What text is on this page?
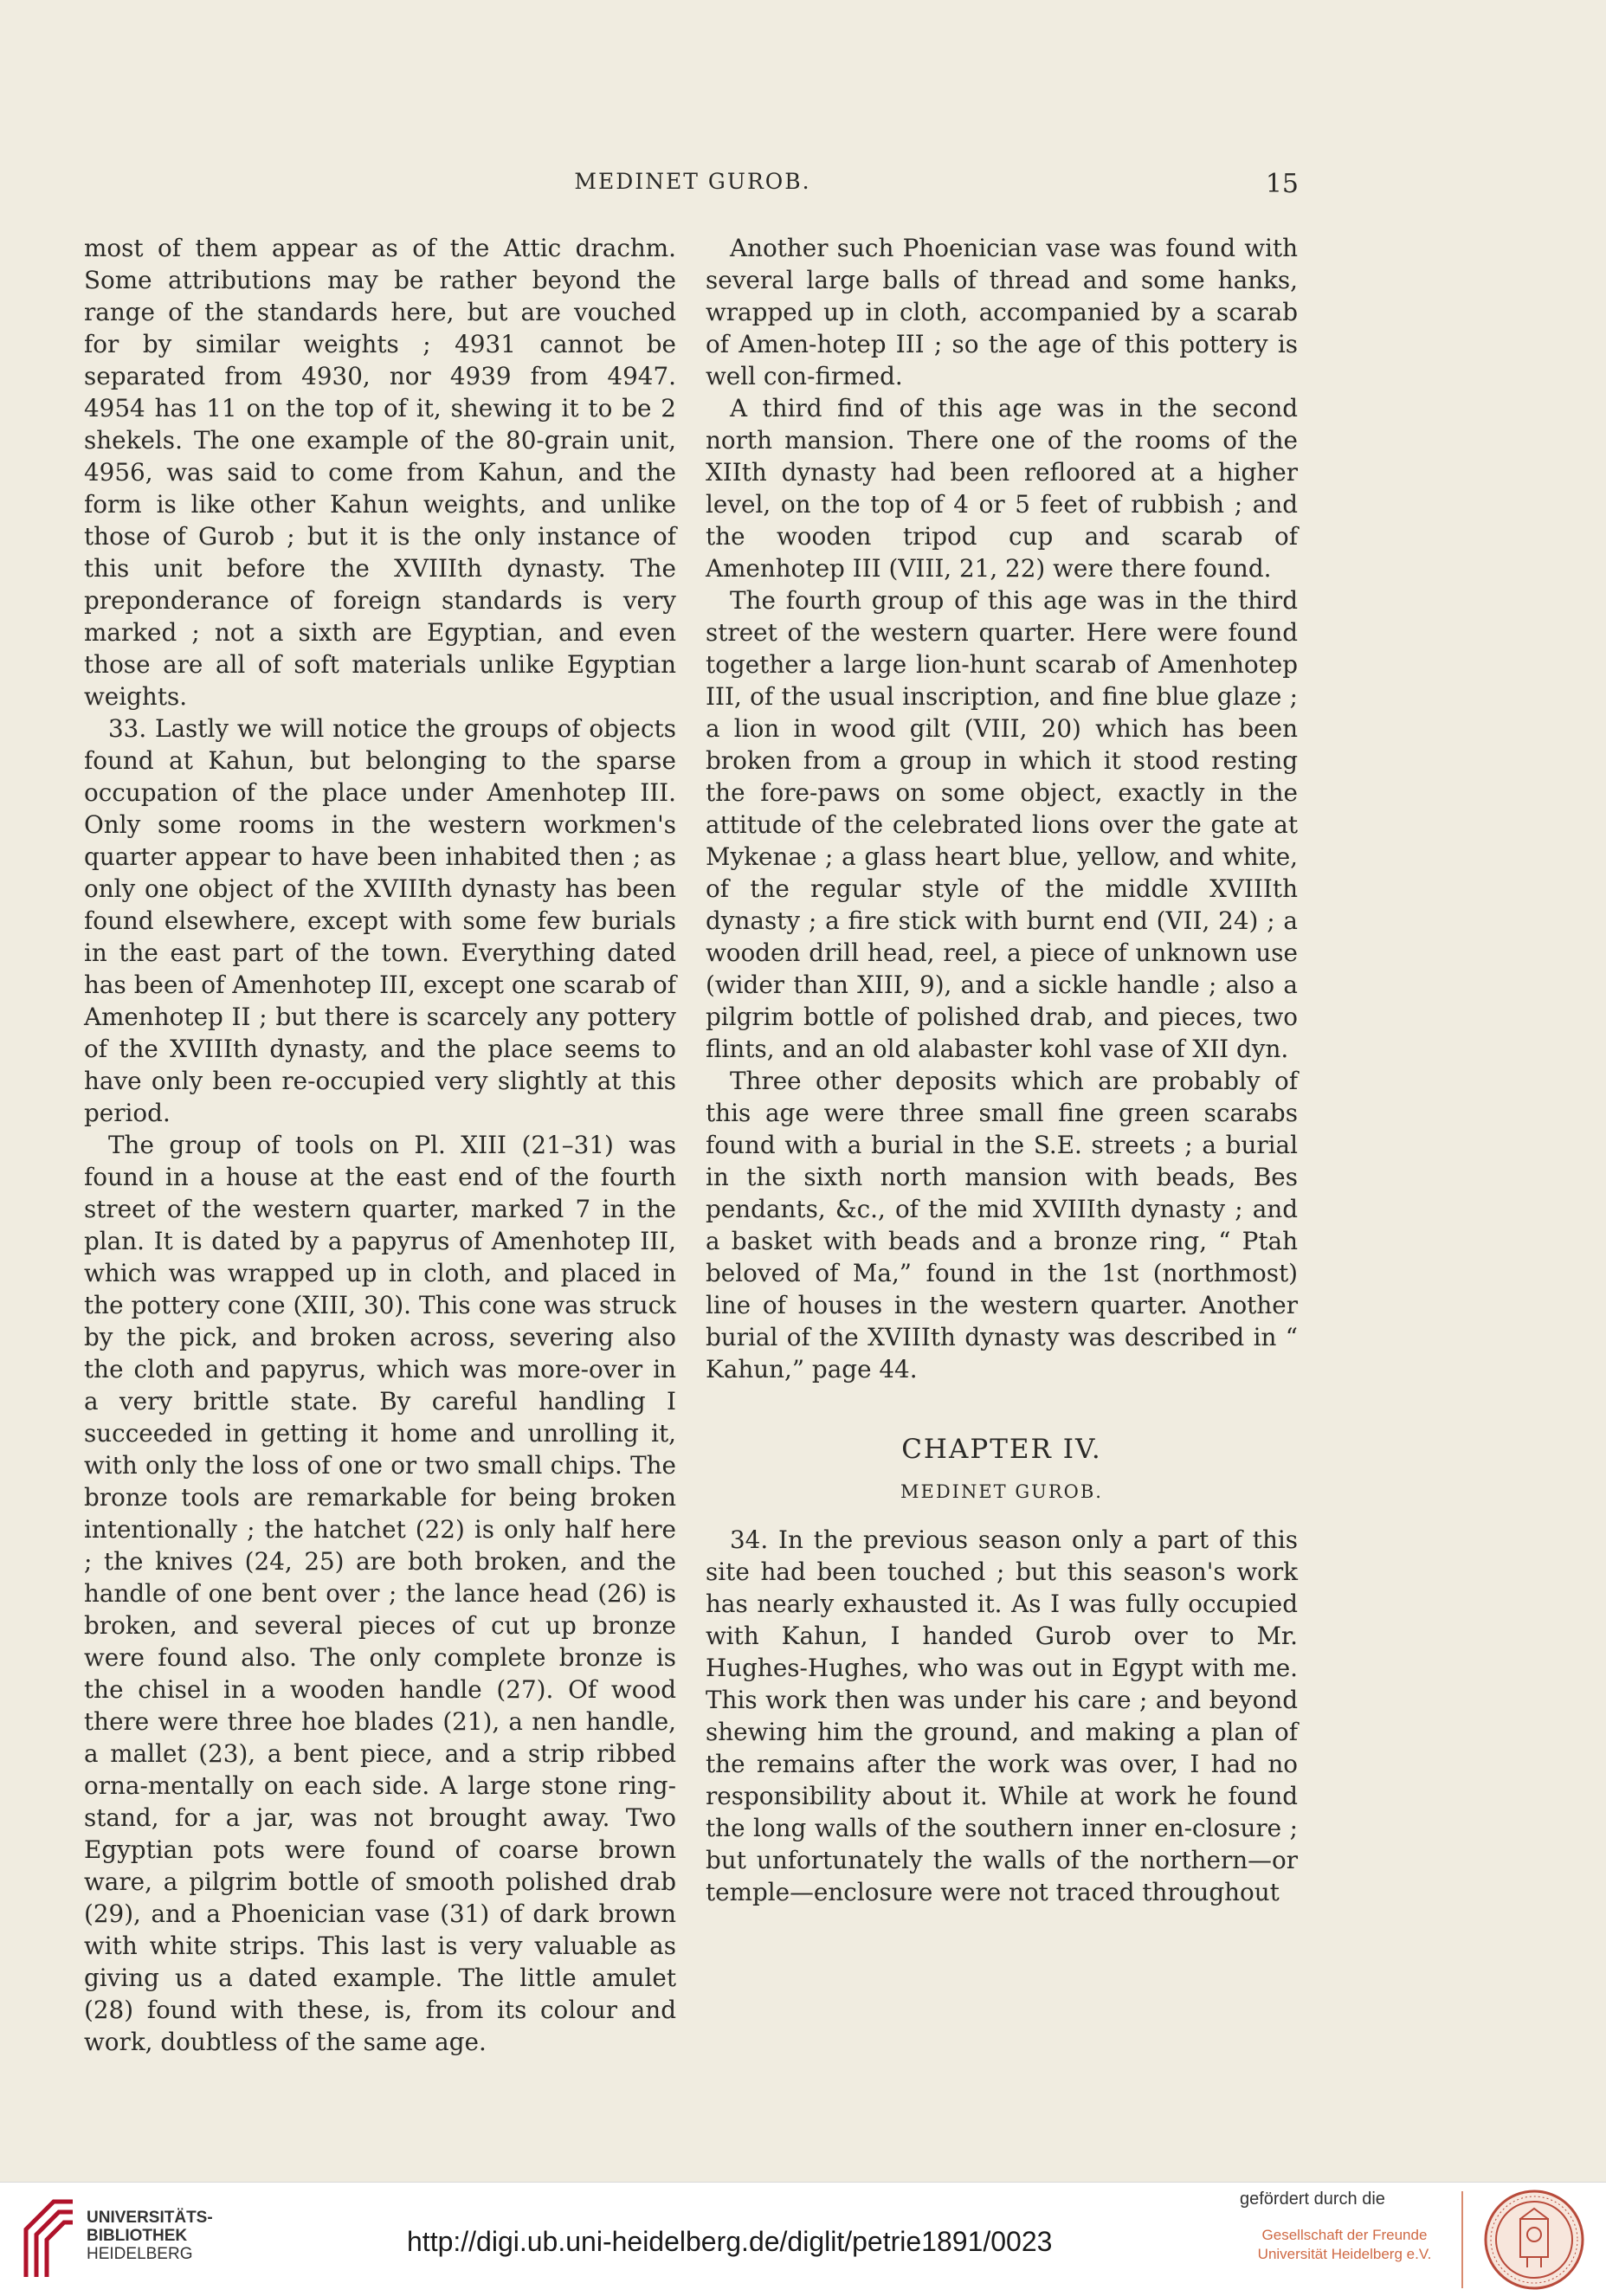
MEDINET GUROB.	15

most of them appear as of the Attic drachm. Some attributions may be rather beyond the range of the standards here, but are vouched for by similar weights ; 4931 cannot be separated from 4930, nor 4939 from 4947. 4954 has 11 on the top of it, shewing it to be 2 shekels. The one example of the 80-grain unit, 4956, was said to come from Kahun, and the form is like other Kahun weights, and unlike those of Gurob ; but it is the only instance of this unit before the XVIIIth dynasty. The preponderance of foreign standards is very marked ; not a sixth are Egyptian, and even those are all of soft materials unlike Egyptian weights.

33. Lastly we will notice the groups of objects found at Kahun, but belonging to the sparse occupation of the place under Amenhotep III. Only some rooms in the western workmen's quarter appear to have been inhabited then ; as only one object of the XVIIIth dynasty has been found elsewhere, except with some few burials in the east part of the town. Everything dated has been of Amenhotep III, except one scarab of Amenhotep II ; but there is scarcely any pottery of the XVIIIth dynasty, and the place seems to have only been re-occupied very slightly at this period.

The group of tools on Pl. XIII (21–31) was found in a house at the east end of the fourth street of the western quarter, marked 7 in the plan. It is dated by a papyrus of Amenhotep III, which was wrapped up in cloth, and placed in the pottery cone (XIII, 30). This cone was struck by the pick, and broken across, severing also the cloth and papyrus, which was more-over in a very brittle state. By careful handling I succeeded in getting it home and unrolling it, with only the loss of one or two small chips. The bronze tools are remarkable for being broken intentionally ; the hatchet (22) is only half here ; the knives (24, 25) are both broken, and the handle of one bent over ; the lance head (26) is broken, and several pieces of cut up bronze were found also. The only complete bronze is the chisel in a wooden handle (27). Of wood there were three hoe blades (21), a nen handle, a mallet (23), a bent piece, and a strip ribbed orna-mentally on each side. A large stone ring-stand, for a jar, was not brought away. Two Egyptian pots were found of coarse brown ware, a pilgrim bottle of smooth polished drab (29), and a Phoenician vase (31) of dark brown with white strips. This last is very valuable as giving us a dated example. The little amulet (28) found with these, is, from its colour and work, doubtless of the same age.

Another such Phoenician vase was found with several large balls of thread and some hanks, wrapped up in cloth, accompanied by a scarab of Amen-hotep III ; so the age of this pottery is well con-firmed.

A third find of this age was in the second north mansion. There one of the rooms of the XIIth dynasty had been refloored at a higher level, on the top of 4 or 5 feet of rubbish ; and the wooden tripod cup and scarab of Amenhotep III (VIII, 21, 22) were there found.

The fourth group of this age was in the third street of the western quarter. Here were found together a large lion-hunt scarab of Amenhotep III, of the usual inscription, and fine blue glaze ; a lion in wood gilt (VIII, 20) which has been broken from a group in which it stood resting the fore-paws on some object, exactly in the attitude of the celebrated lions over the gate at Mykenae ; a glass heart blue, yellow, and white, of the regular style of the middle XVIIIth dynasty ; a fire stick with burnt end (VII, 24) ; a wooden drill head, reel, a piece of unknown use (wider than XIII, 9), and a sickle handle ; also a pilgrim bottle of polished drab, and pieces, two flints, and an old alabaster kohl vase of XII dyn.

Three other deposits which are probably of this age were three small fine green scarabs found with a burial in the S.E. streets ; a burial in the sixth north mansion with beads, Bes pendants, &c., of the mid XVIIIth dynasty ; and a basket with beads and a bronze ring, “ Ptah beloved of Ma,” found in the 1st (northmost) line of houses in the western quarter. Another burial of the XVIIIth dynasty was described in “ Kahun,” page 44.

CHAPTER IV.
MEDINET GUROB.

34. In the previous season only a part of this site had been touched ; but this season's work has nearly exhausted it. As I was fully occupied with Kahun, I handed Gurob over to Mr. Hughes-Hughes, who was out in Egypt with me. This work then was under his care ; and beyond shewing him the ground, and making a plan of the remains after the work was over, I had no responsibility about it. While at work he found the long walls of the southern inner en-closure ; but unfortunately the walls of the northern—or temple—enclosure were not traced throughout

UNIVERSITÄTS-
BIBLIOTHEK
HEIDELBERG	http://digi.ub.uni-heidelberg.de/diglit/petrie1891/0023
gefördert durch die
Gesellschaft der Freunde
Universität Heidelberg e.V.
